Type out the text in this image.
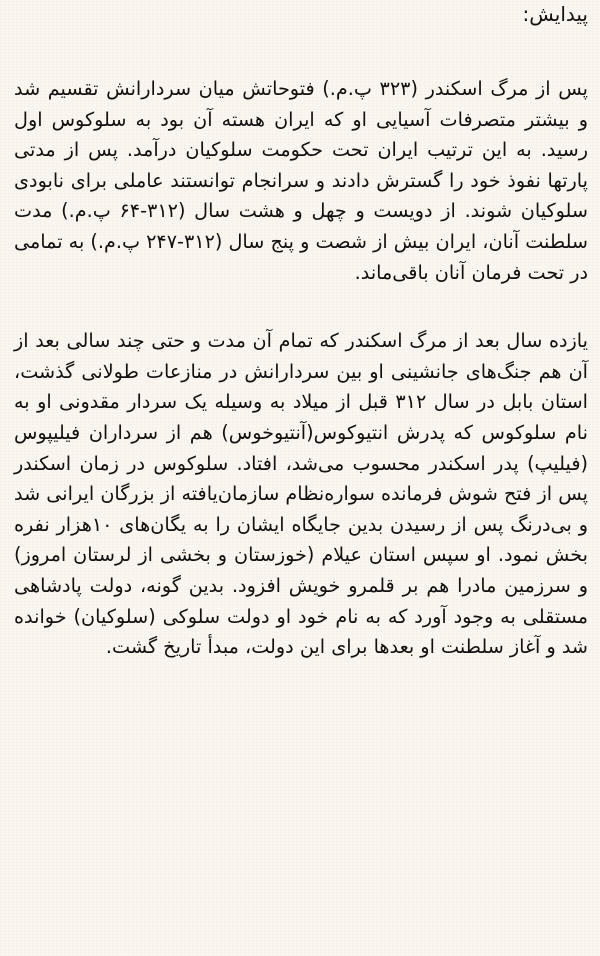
پیدایش:

پس از مرگ اسکندر (۳۲۳ پ.م.) فتوحاتش میان سردارانش تقسیم شد و بیشتر متصرفات آسیایی او که ایران هسته آن بود به سلوکوس اول رسید. به این ترتیب ایران تحت حکومت سلوکیان درآمد. پس از مدتی پارتها نفوذ خود را گسترش دادند و سرانجام توانستند عاملی برای نابودی سلوکیان شوند. از دویست و چهل و هشت سال (۳۱۲-۶۴ پ.م.) مدت سلطنت آنان، ایران بیش از شصت و پنج سال (۳۱۲-۲۴۷ پ.م.) به تمامی در تحت فرمان آنان باقی‌ماند.

یازده سال بعد از مرگ اسکندر که تمام آن مدت و حتی چند سالی بعد از آن هم جنگ‌های جانشینی او بین سردارانش در منازعات طولانی گذشت، استان بابل در سال ۳۱۲ قبل از میلاد به وسیله یک سردار مقدونی او به نام سلوکوس که پدرش انتیوکوس(آنتیوخوس) هم از سرداران فیلیپوس (فیلیپ) پدر اسکندر محسوب می‌شد، افتاد. سلوکوس در زمان اسکندر پس از فتح شوش فرمانده سواره‌نظام سازمان‌یافته از بزرگان ایرانی شد و بی‌درنگ پس از رسیدن بدین جایگاه ایشان را به یگان‌های ۱۰هزار نفره بخش نمود. او سپس استان عیلام (خوزستان و بخشی از لرستان امروز) و سرزمین مادرا هم بر قلمرو خویش افزود. بدین گونه، دولت پادشاهی مستقلی به وجود آورد که به نام خود او دولت سلوکی (سلوکیان) خوانده شد و آغاز سلطنت او بعدها برای این دولت، مبدأ تاریخ گشت.
